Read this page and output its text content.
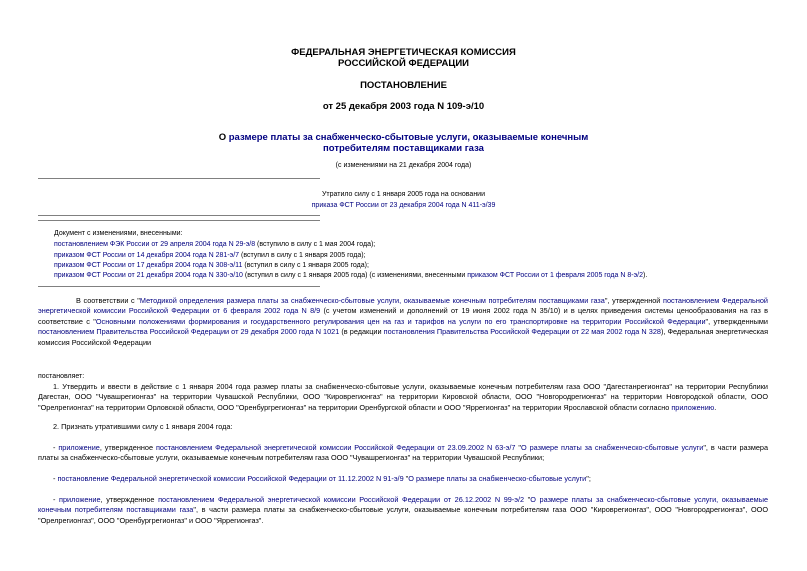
ФЕДЕРАЛЬНАЯ ЭНЕРГЕТИЧЕСКАЯ КОМИССИЯ
РОССИЙСКОЙ ФЕДЕРАЦИИ
ПОСТАНОВЛЕНИЕ
от 25 декабря 2003 года N 109-э/10
О размере платы за снабженческо-сбытовые услуги, оказываемые конечным
потребителям поставщиками газа
(с изменениями на 21 декабря 2004 года)
Утратило силу с 1 января 2005 года на основании
приказа ФСТ России от 23 декабря 2004 года N 411-э/39
Документ с изменениями, внесенными:
постановлением ФЭК России от 29 апреля 2004 года N 29-э/8 (вступило в силу с 1 мая 2004 года);
приказом ФСТ России от 14 декабря 2004 года N 281-э/7 (вступил в силу с 1 января 2005 года);
приказом ФСТ России от 17 декабря 2004 года N 308-э/11 (вступил в силу с 1 января 2005 года);
приказом ФСТ России от 21 декабря 2004 года N 330-э/10 (вступил в силу с 1 января 2005 года) (с изменениями, внесенными приказом ФСТ России от 1 февраля 2005 года N 8-э/2).
В соответствии с "Методикой определения размера платы за снабженческо-сбытовые услуги, оказываемые конечным потребителям поставщиками газа", утвержденной постановлением Федеральной энергетической комиссии Российской Федерации от 6 февраля 2002 года N 8/9 (с учетом изменений и дополнений от 19 июня 2002 года N 35/10) и в целях приведения системы ценообразования на газ в соответствие с "Основными положениями формирования и государственного регулирования цен на газ и тарифов на услуги по его транспортировке на территории Российской Федерации", утвержденными постановлением Правительства Российской Федерации от 29 декабря 2000 года N 1021 (в редакции постановления Правительства Российской Федерации от 22 мая 2002 года N 328), Федеральная энергетическая комиссия Российской Федерации
постановляет:
1. Утвердить и ввести в действие с 1 января 2004 года размер платы за снабженческо-сбытовые услуги, оказываемые конечным потребителям газа ООО "Дагестанрегионгаз" на территории Республики Дагестан, ООО "Чувашрегионгаз" на территории Чувашской Республики, ООО "Кироврегионгаз" на территории Кировской области, ООО "Новгородрегионгаз" на территории Новгородской области, ООО "Орелрегионгаз" на территории Орловской области, ООО "Оренбургрегионгаз" на территории Оренбургской области и ООО "Яррегионгаз" на территории Ярославской области согласно приложению.
2. Признать утратившими силу с 1 января 2004 года:
- приложение, утвержденное постановлением Федеральной энергетической комиссии Российской Федерации от 23.09.2002 N 63-э/7 "О размере платы за снабженческо-сбытовые услуги", в части размера платы за снабженческо-сбытовые услуги, оказываемые конечным потребителям газа ООО "Чувашрегионгаз" на территории Чувашской Республики;
- постановление Федеральной энергетической комиссии Российской Федерации от 11.12.2002 N 91-э/9 "О размере платы за снабженческо-сбытовые услуги";
- приложение, утвержденное постановлением Федеральной энергетической комиссии Российской Федерации от 26.12.2002 N 99-э/2 "О размере платы за снабженческо-сбытовые услуги, оказываемые конечным потребителям поставщиками газа", в части размера платы за снабженческо-сбытовые услуги, оказываемые конечным потребителям газа ООО "Кироврегионгаз", ООО "Новгородрегионгаз", ООО "Орелрегионгаз", ООО "Оренбургрегионгаз" и ООО "Яррегионгаз".
